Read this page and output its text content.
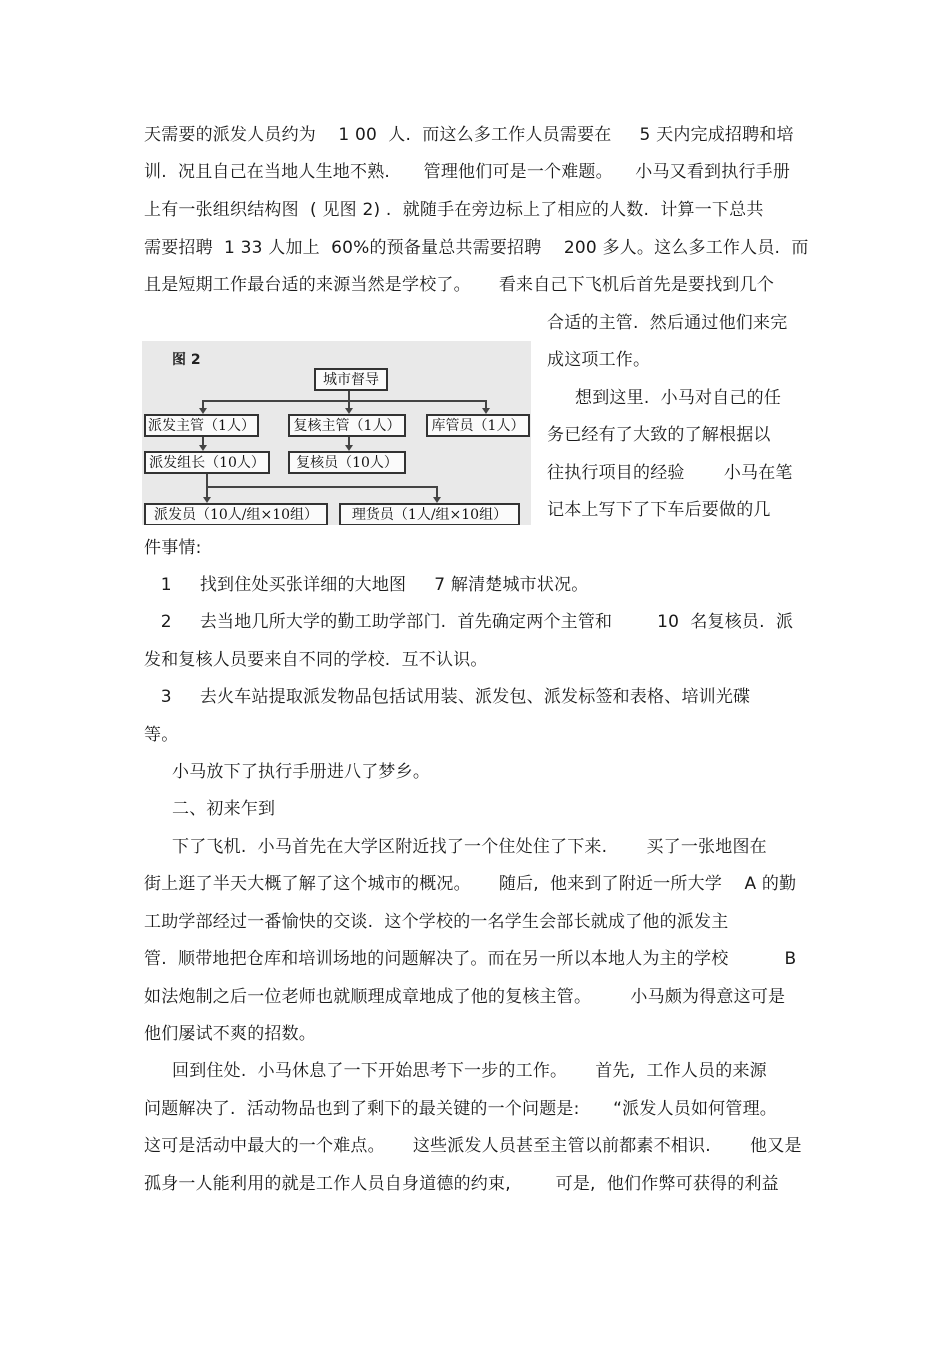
天需要的派发人员约为    1 00  人.  而这么多工作人员需要在     5 天内完成招聘和培
训.  况且自己在当地人生地不熟.      管理他们可是一个难题。    小马又看到执行手册
上有一张组织结构图  ( 见图 2) .  就随手在旁边标上了相应的人数.  计算一下总共
需要招聘  1 33 人加上  60%的预备量总共需要招聘    200 多人。这么多工作人员.  而
且是短期工作最台适的来源当然是学校了。     看来自己下飞机后首先是要找到几个
合适的主管.  然后通过他们来完
成这项工作。
想到这里.  小马对自己的任
务已经有了大致的了解根据以
往执行项目的经验       小马在笔
记本上写下了下车后要做的几
件事情:
1     找到住处买张详细的大地图     7 解清楚城市状况。
2     去当地几所大学的勤工助学部门.  首先确定两个主管和        10  名复核员.  派
发和复核人员要来自不同的学校.  互不认识。
3     去火车站提取派发物品包括试用装、派发包、派发标签和表格、培训光碟
等。
小马放下了执行手册进八了梦乡。
二、初来乍到
下了飞机.  小马首先在大学区附近找了一个住处住了下来.       买了一张地图在
街上逛了半天大概了解了这个城市的概况。     随后,  他来到了附近一所大学    A 的勤
工助学部经过一番愉快的交谈.  这个学校的一名学生会部长就成了他的派发主
管.  顺带地把仓库和培训场地的问题解决了。而在另一所以本地人为主的学校          B
如法炮制之后一位老师也就顺理成章地成了他的复核主管。       小马颇为得意这可是
他们屡试不爽的招数。
回到住处.  小马休息了一下开始思考下一步的工作。     首先,  工作人员的来源
问题解决了.  活动物品也到了剩下的最关键的一个问题是:      “派发人员如何管理。
这可是活动中最大的一个难点。     这些派发人员甚至主管以前都素不相识.       他又是
孤身一人能利用的就是工作人员自身道德的约束,        可是,  他们作弊可获得的利益
图 2
城市督导
派发主管（1人）	复核主管（1人）	库管员（1人）
派发组长（10人）	复核员（10人）
派发员（10人/组×10组）	理货员（1人/组×10组）
